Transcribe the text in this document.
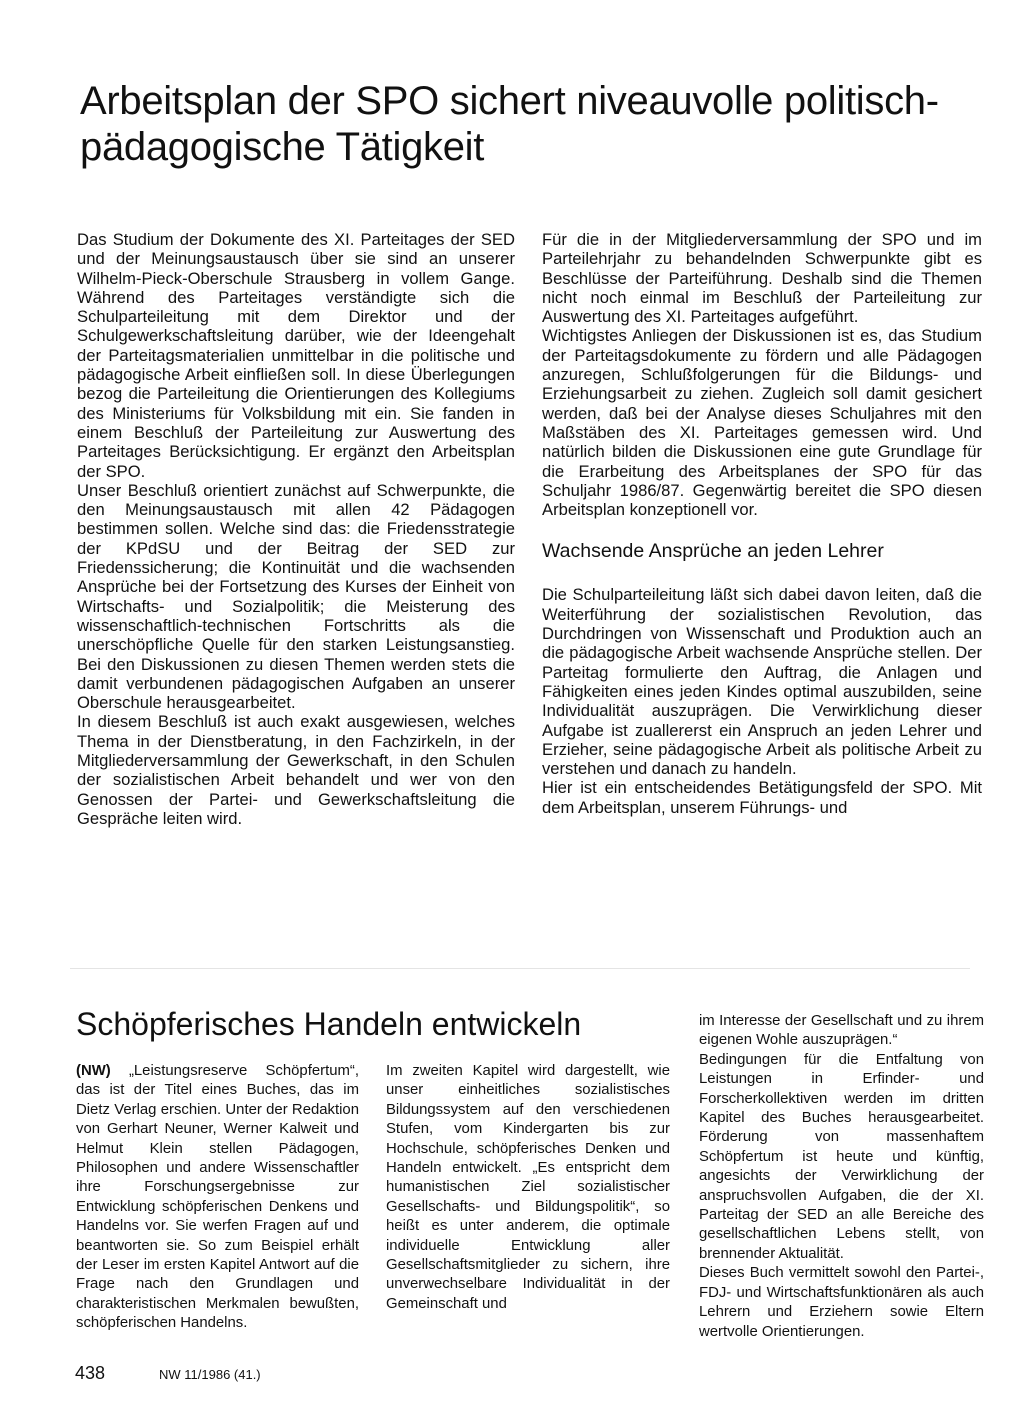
Arbeitsplan der SPO sichert niveauvolle politisch-pädagogische Tätigkeit

Das Studium der Dokumente des XI. Parteitages der SED und der Meinungsaustausch über sie sind an unserer Wilhelm-Pieck-Oberschule Strausberg in vollem Gange. Während des Parteitages verständigte sich die Schulparteileitung mit dem Direktor und der Schulgewerkschaftsleitung darüber, wie der Ideengehalt der Parteitagsmaterialien unmittelbar in die politische und pädagogische Arbeit einfließen soll. In diese Überlegungen bezog die Parteileitung die Orientierungen des Kollegiums des Ministeriums für Volksbildung mit ein. Sie fanden in einem Beschluß der Parteileitung zur Auswertung des Parteitages Berücksichtigung. Er ergänzt den Arbeitsplan der SPO.

Unser Beschluß orientiert zunächst auf Schwerpunkte, die den Meinungsaustausch mit allen 42 Pädagogen bestimmen sollen. Welche sind das: die Friedensstrategie der KPdSU und der Beitrag der SED zur Friedenssicherung; die Kontinuität und die wachsenden Ansprüche bei der Fortsetzung des Kurses der Einheit von Wirtschafts- und Sozialpolitik; die Meisterung des wissenschaftlich-technischen Fortschritts als die unerschöpfliche Quelle für den starken Leistungsanstieg. Bei den Diskussionen zu diesen Themen werden stets die damit verbundenen pädagogischen Aufgaben an unserer Oberschule herausgearbeitet.

In diesem Beschluß ist auch exakt ausgewiesen, welches Thema in der Dienstberatung, in den Fachzirkeln, in der Mitgliederversammlung der Gewerkschaft, in den Schulen der sozialistischen Arbeit behandelt und wer von den Genossen der Partei- und Gewerkschaftsleitung die Gespräche leiten wird.

Für die in der Mitgliederversammlung der SPO und im Parteilehrjahr zu behandelnden Schwerpunkte gibt es Beschlüsse der Parteiführung. Deshalb sind die Themen nicht noch einmal im Beschluß der Parteileitung zur Auswertung des XI. Parteitages aufgeführt.

Wichtigstes Anliegen der Diskussionen ist es, das Studium der Parteitagsdokumente zu fördern und alle Pädagogen anzuregen, Schlußfolgerungen für die Bildungs- und Erziehungsarbeit zu ziehen. Zugleich soll damit gesichert werden, daß bei der Analyse dieses Schuljahres mit den Maßstäben des XI. Parteitages gemessen wird. Und natürlich bilden die Diskussionen eine gute Grundlage für die Erarbeitung des Arbeitsplanes der SPO für das Schuljahr 1986/87. Gegenwärtig bereitet die SPO diesen Arbeitsplan konzeptionell vor.

Wachsende Ansprüche an jeden Lehrer

Die Schulparteileitung läßt sich dabei davon leiten, daß die Weiterführung der sozialistischen Revolution, das Durchdringen von Wissenschaft und Produktion auch an die pädagogische Arbeit wachsende Ansprüche stellen. Der Parteitag formulierte den Auftrag, die Anlagen und Fähigkeiten eines jeden Kindes optimal auszubilden, seine Individualität auszuprägen. Die Verwirklichung dieser Aufgabe ist zuallererst ein Anspruch an jeden Lehrer und Erzieher, seine pädagogische Arbeit als politische Arbeit zu verstehen und danach zu handeln.

Hier ist ein entscheidendes Betätigungsfeld der SPO. Mit dem Arbeitsplan, unserem Führungs- und

Schöpferisches Handeln entwickeln

(NW) „Leistungsreserve Schöpfertum“, das ist der Titel eines Buches, das im Dietz Verlag erschien. Unter der Redaktion von Gerhart Neuner, Werner Kalweit und Helmut Klein stellen Pädagogen, Philosophen und andere Wissenschaftler ihre Forschungsergebnisse zur Entwicklung schöpferischen Denkens und Handelns vor. Sie werfen Fragen auf und beantworten sie. So zum Beispiel erhält der Leser im ersten Kapitel Antwort auf die Frage nach den Grundlagen und charakteristischen Merkmalen bewußten, schöpferischen Handelns.

Im zweiten Kapitel wird dargestellt, wie unser einheitliches sozialistisches Bildungssystem auf den verschiedenen Stufen, vom Kindergarten bis zur Hochschule, schöpferisches Denken und Handeln entwickelt. „Es entspricht dem humanistischen Ziel sozialistischer Gesellschafts- und Bildungspolitik“, so heißt es unter anderem, die optimale individuelle Entwicklung aller Gesellschaftsmitglieder zu sichern, ihre unverwechselbare Individualität in der Gemeinschaft und

im Interesse der Gesellschaft und zu ihrem eigenen Wohle auszuprägen.“

Bedingungen für die Entfaltung von Leistungen in Erfinder- und Forscherkollektiven werden im dritten Kapitel des Buches herausgearbeitet. Förderung von massenhaftem Schöpfertum ist heute und künftig, angesichts der Verwirklichung der anspruchsvollen Aufgaben, die der XI. Parteitag der SED an alle Bereiche des gesellschaftlichen Lebens stellt, von brennender Aktualität.

Dieses Buch vermittelt sowohl den Partei-, FDJ- und Wirtschaftsfunktionären als auch Lehrern und Erziehern sowie Eltern wertvolle Orientierungen.

438	NW 11/1986 (41.)
